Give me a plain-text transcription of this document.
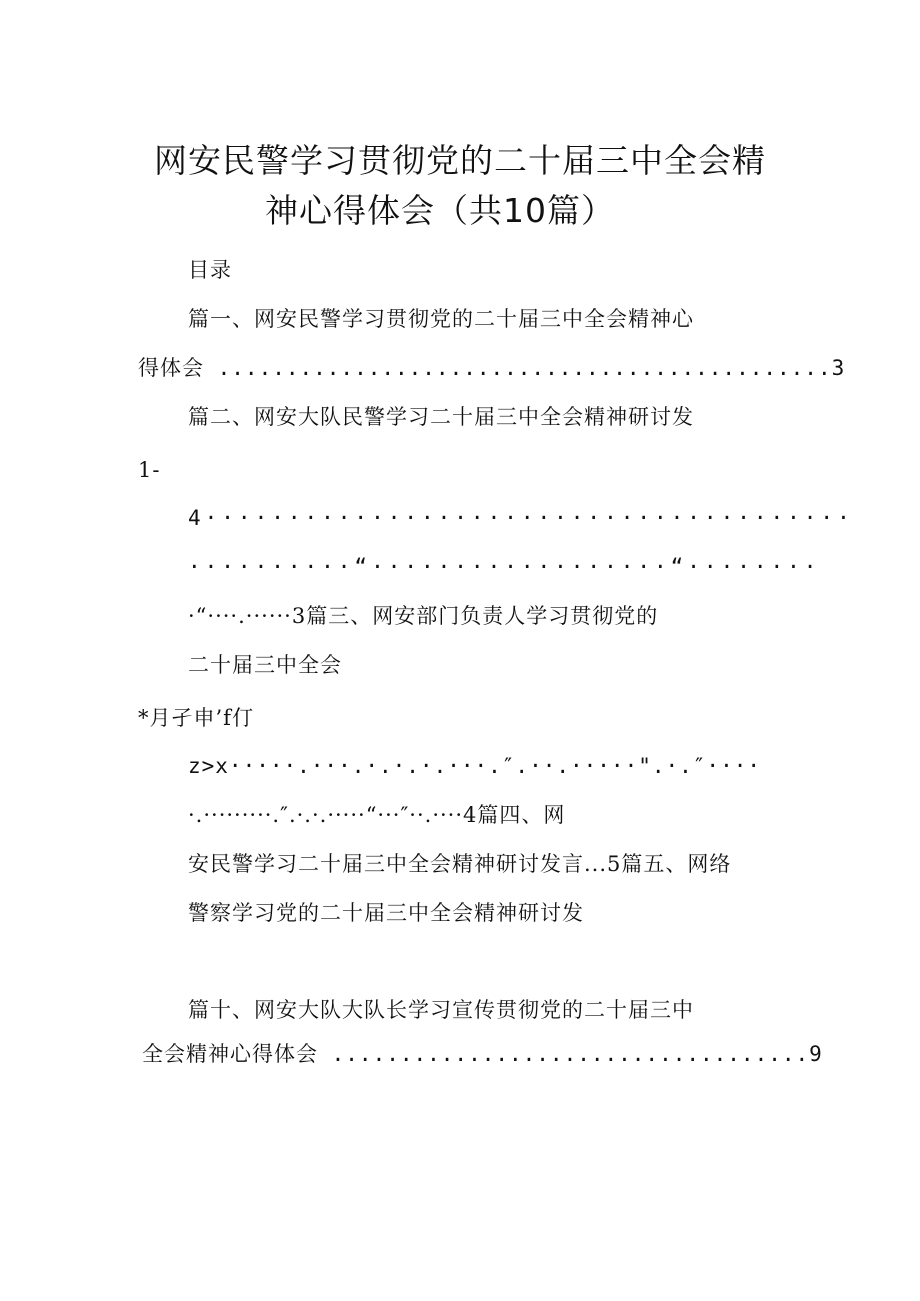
网安民警学习贯彻党的二十届三中全会精
神心得体会（共10篇）
目录
篇一、网安民警学习贯彻党的二十届三中全会精神心
得体会 .............................................3
篇二、网安大队民警学习二十届三中全会精神研讨发
1-
4·······································
··········“··················“········
·“····.······3篇三、网安部门负责人学习贯彻党的
二十届三中全会
*月孑申’f仃
z>x·····.···.·.·.·.···.″.··.·····".·.″····
·.·········.″.·.·.·····“···″··.····4篇四、网
安民警学习二十届三中全会精神研讨发言...5篇五、网络
警察学习党的二十届三中全会精神研讨发
篇十、网安大队大队长学习宣传贯彻党的二十届三中
全会精神心得体会 ...................................9
